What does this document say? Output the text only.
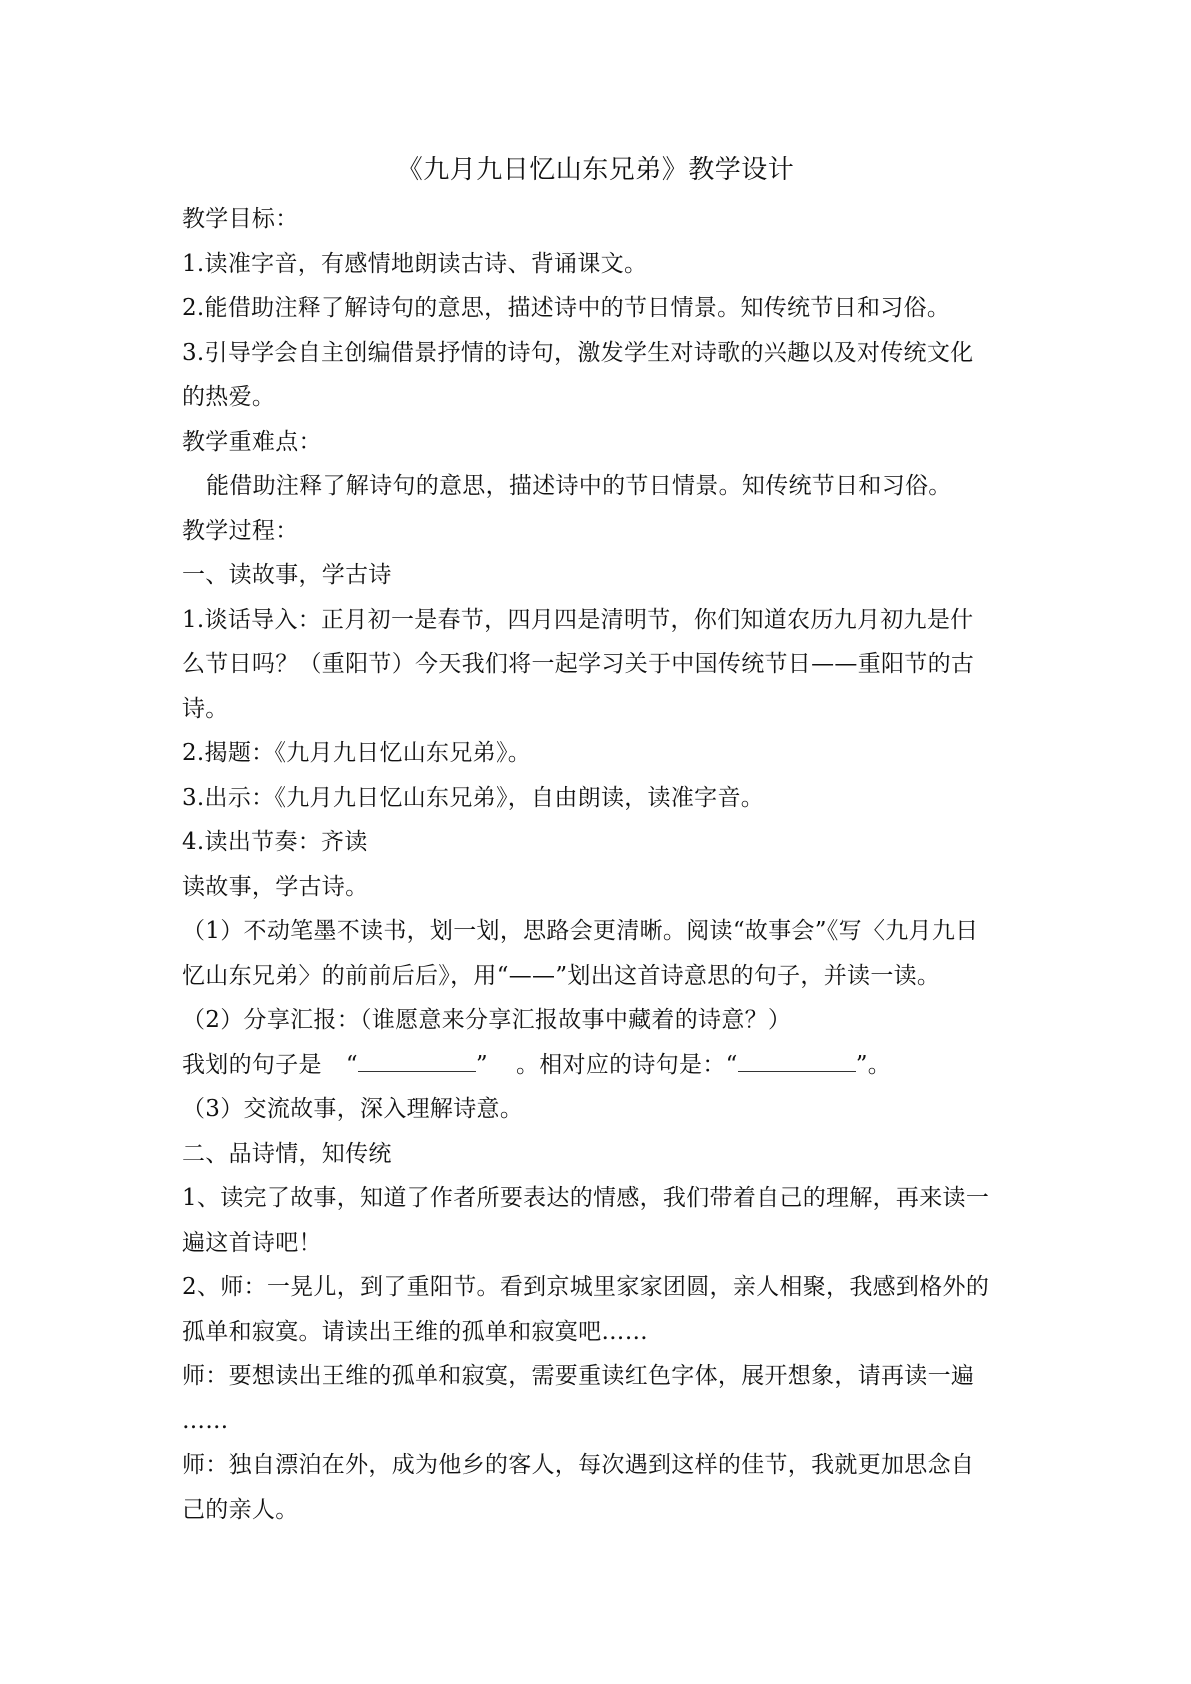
《九月九日忆山东兄弟》教学设计
教学目标：
1.读准字音，有感情地朗读古诗、背诵课文。
2.能借助注释了解诗句的意思，描述诗中的节日情景。知传统节日和习俗。
3.引导学会自主创编借景抒情的诗句，激发学生对诗歌的兴趣以及对传统文化
的热爱。
教学重难点：
能借助注释了解诗句的意思，描述诗中的节日情景。知传统节日和习俗。
教学过程：
一、读故事，学古诗
1.谈话导入：正月初一是春节，四月四是清明节，你们知道农历九月初九是什
么节日吗？（重阳节）今天我们将一起学习关于中国传统节日——重阳节的古
诗。
2.揭题：《九月九日忆山东兄弟》。
3.出示：《九月九日忆山东兄弟》，自由朗读，读准字音。
4.读出节奏：齐读
读故事，学古诗。
（1）不动笔墨不读书，划一划，思路会更清晰。阅读“故事会”《写〈九月九日
忆山东兄弟〉的前前后后》，用“——”划出这首诗意思的句子，并读一读。
（2）分享汇报：（谁愿意来分享汇报故事中藏着的诗意？）
我划的句子是 “	” 。相对应的诗句是：“	”。
（3）交流故事，深入理解诗意。
二、品诗情，知传统
1、读完了故事，知道了作者所要表达的情感，我们带着自己的理解，再来读一
遍这首诗吧！
2、师：一晃儿，到了重阳节。看到京城里家家团圆，亲人相聚，我感到格外的
孤单和寂寞。请读出王维的孤单和寂寞吧……
师：要想读出王维的孤单和寂寞，需要重读红色字体，展开想象，请再读一遍
……
师：独自漂泊在外，成为他乡的客人，每次遇到这样的佳节，我就更加思念自
己的亲人。
